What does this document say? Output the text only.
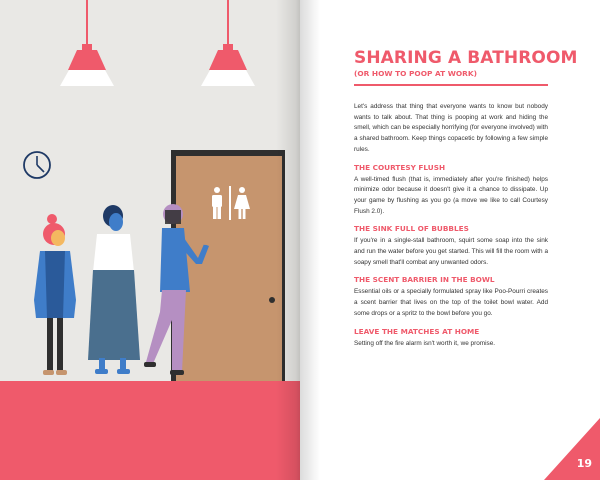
SHARING A BATHROOM
(OR HOW TO POOP AT WORK)

Let's address that thing that everyone wants to know but nobody wants to talk about. That thing is pooping at work and hiding the smell, which can be especially horrifying (for everyone involved) with a shared bathroom. Keep things copacetic by following a few simple rules.

THE COURTESY FLUSH

A well-timed flush (that is, immediately after you're finished) helps minimize odor because it doesn't give it a chance to dissipate. Up your game by flushing as you go (a move we like to call Courtesy Flush 2.0).

THE SINK FULL OF BUBBLES

If you're in a single-stall bathroom, squirt some soap into the sink and run the water before you get started. This will fill the room with a soapy smell that'll combat any unwanted odors.

THE SCENT BARRIER IN THE BOWL

Essential oils or a specially formulated spray like Poo-Pourri creates a scent barrier that lives on the top of the toilet bowl water. Add some drops or a spritz to the bowl before you go.

LEAVE THE MATCHES AT HOME

Setting off the fire alarm isn't worth it, we promise.

19
